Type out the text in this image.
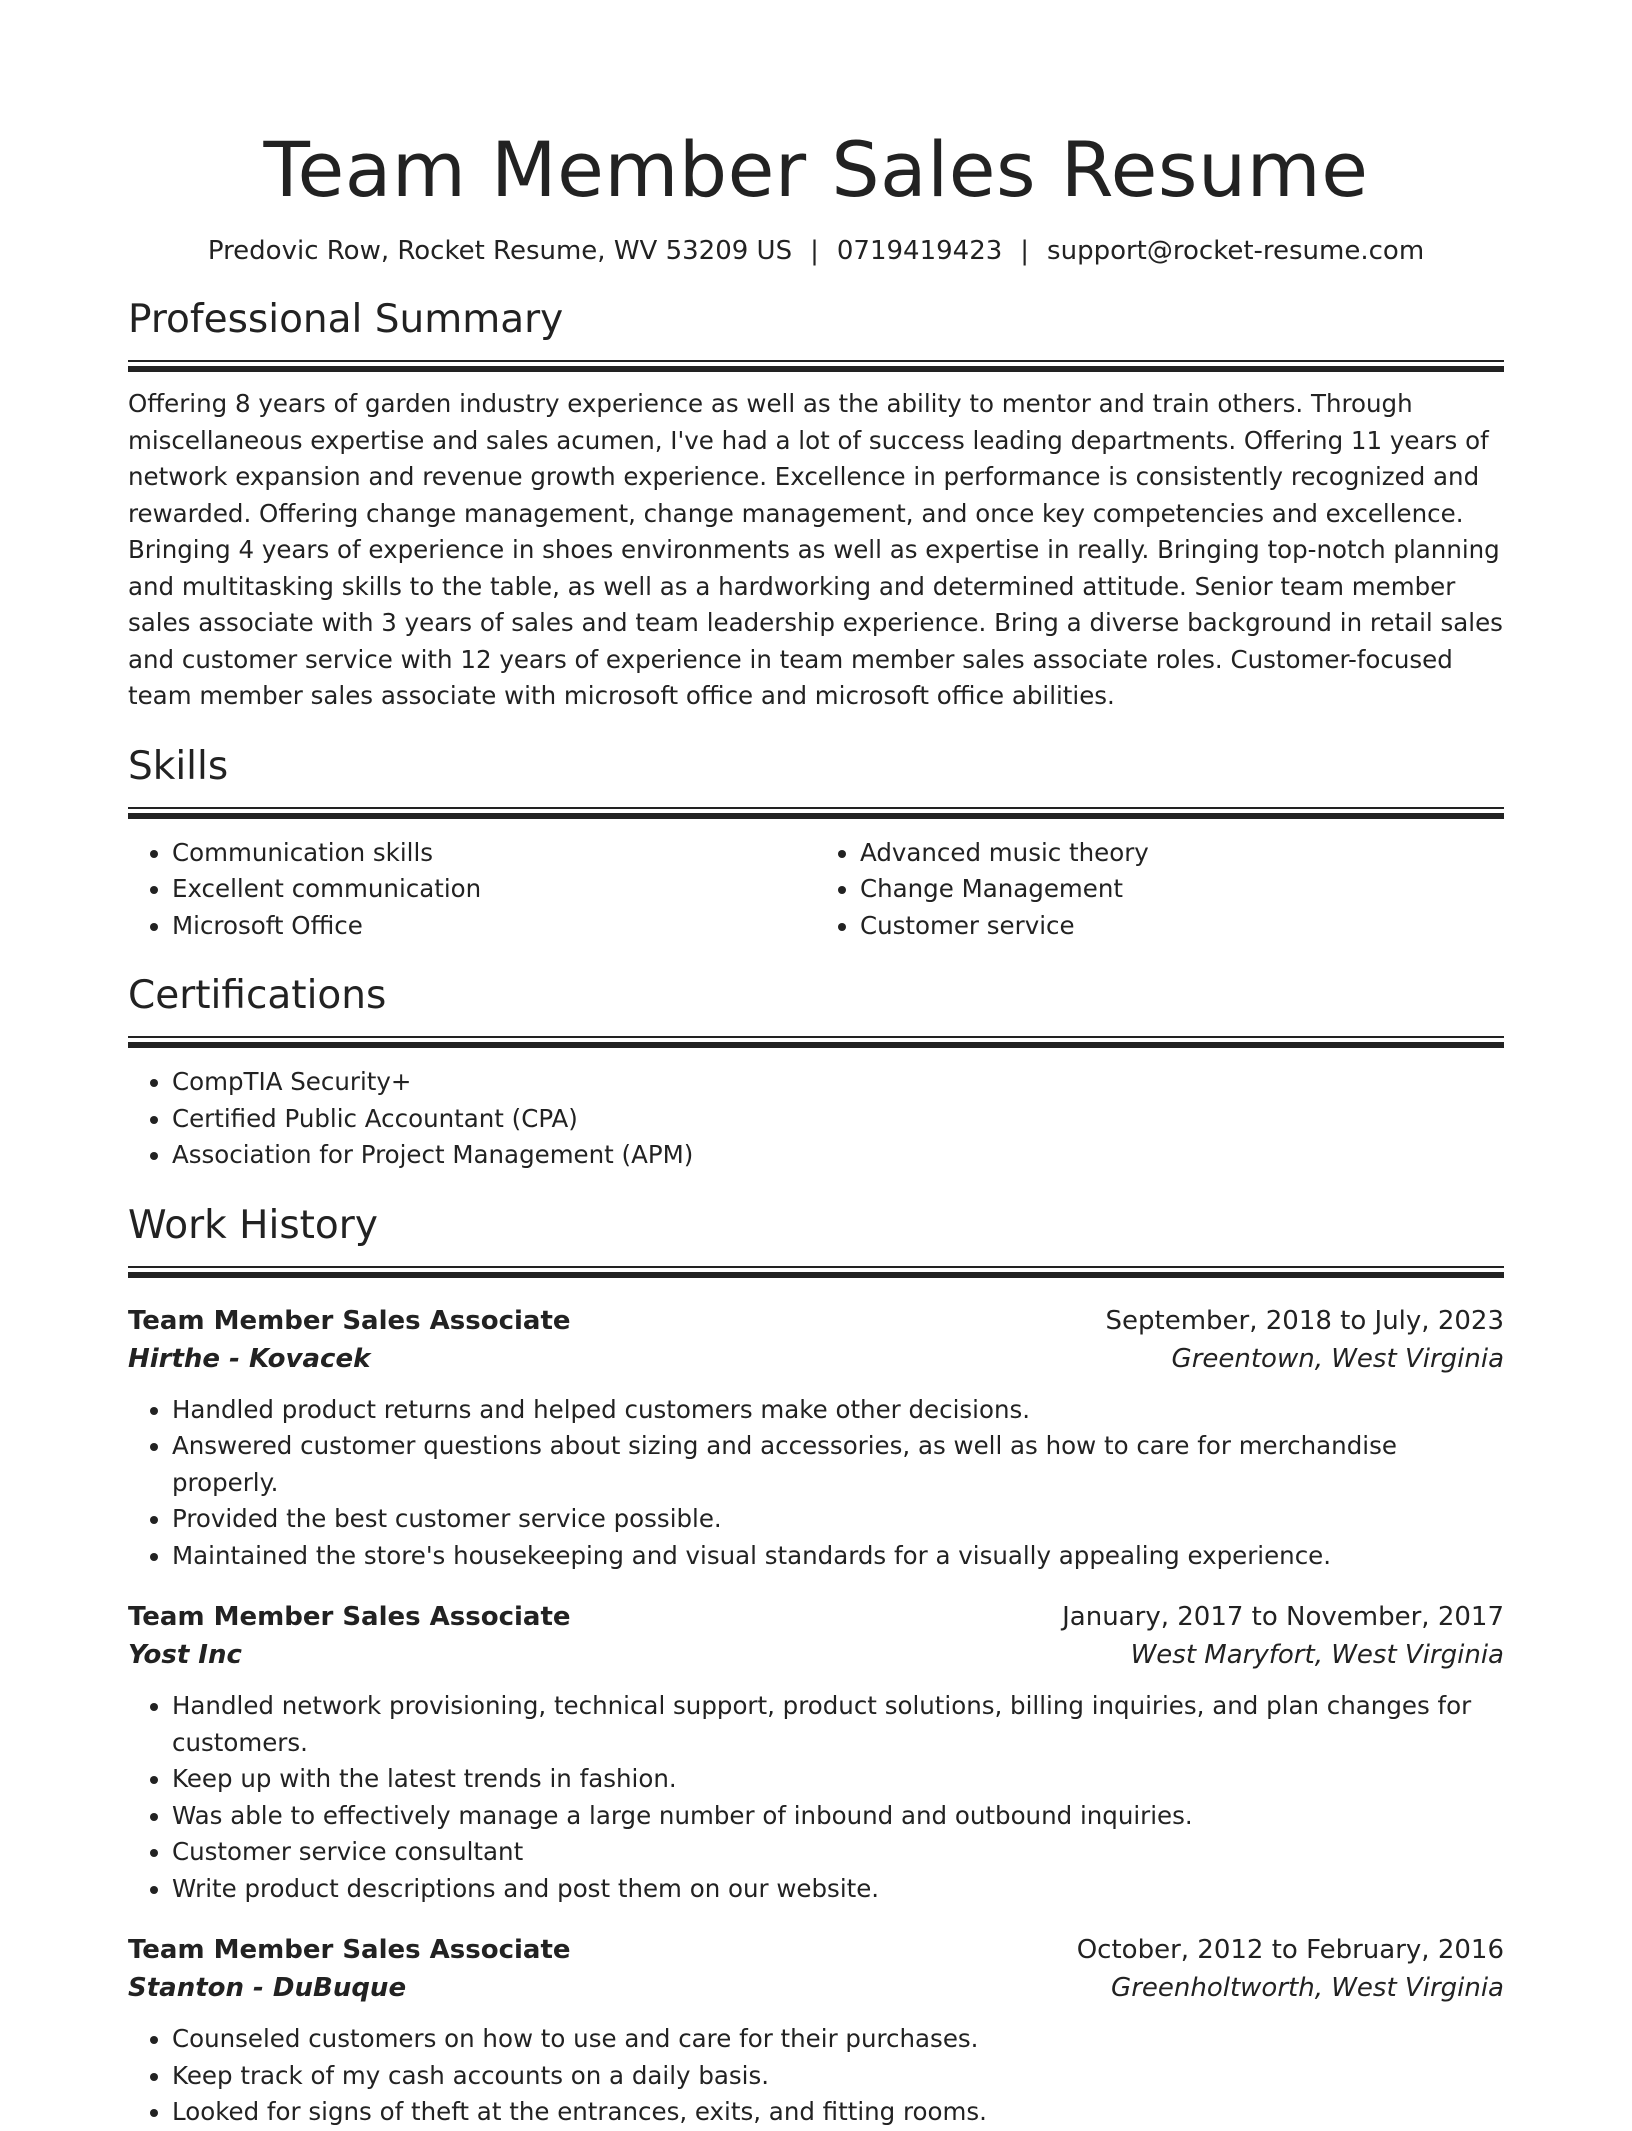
Team Member Sales Resume
Predovic Row, Rocket Resume, WV 53209 US | 0719419423 | support@rocket-resume.com
Professional Summary

Offering 8 years of garden industry experience as well as the ability to mentor and train others. Through miscellaneous expertise and sales acumen, I've had a lot of success leading departments. Offering 11 years of network expansion and revenue growth experience. Excellence in performance is consistently recognized and rewarded. Offering change management, change management, and once key competencies and excellence. Bringing 4 years of experience in shoes environments as well as expertise in really. Bringing top-notch planning and multitasking skills to the table, as well as a hardworking and determined attitude. Senior team member sales associate with 3 years of sales and team leadership experience. Bring a diverse background in retail sales and customer service with 12 years of experience in team member sales associate roles. Customer-focused team member sales associate with microsoft office and microsoft office abilities.

Skills
• Communication skills
• Excellent communication
• Microsoft Office
• Advanced music theory
• Change Management
• Customer service
Certifications
• CompTIA Security+
• Certified Public Accountant (CPA)
• Association for Project Management (APM)
Work History
Team Member Sales Associate	September, 2018 to July, 2023
Hirthe - Kovacek	Greentown, West Virginia
• Handled product returns and helped customers make other decisions.
• Answered customer questions about sizing and accessories, as well as how to care for merchandise properly.
• Provided the best customer service possible.
• Maintained the store's housekeeping and visual standards for a visually appealing experience.
Team Member Sales Associate	January, 2017 to November, 2017
Yost Inc	West Maryfort, West Virginia
• Handled network provisioning, technical support, product solutions, billing inquiries, and plan changes for customers.
• Keep up with the latest trends in fashion.
• Was able to effectively manage a large number of inbound and outbound inquiries.
• Customer service consultant
• Write product descriptions and post them on our website.
Team Member Sales Associate	October, 2012 to February, 2016
Stanton - DuBuque	Greenholtworth, West Virginia
• Counseled customers on how to use and care for their purchases.
• Keep track of my cash accounts on a daily basis.
• Looked for signs of theft at the entrances, exits, and fitting rooms.
